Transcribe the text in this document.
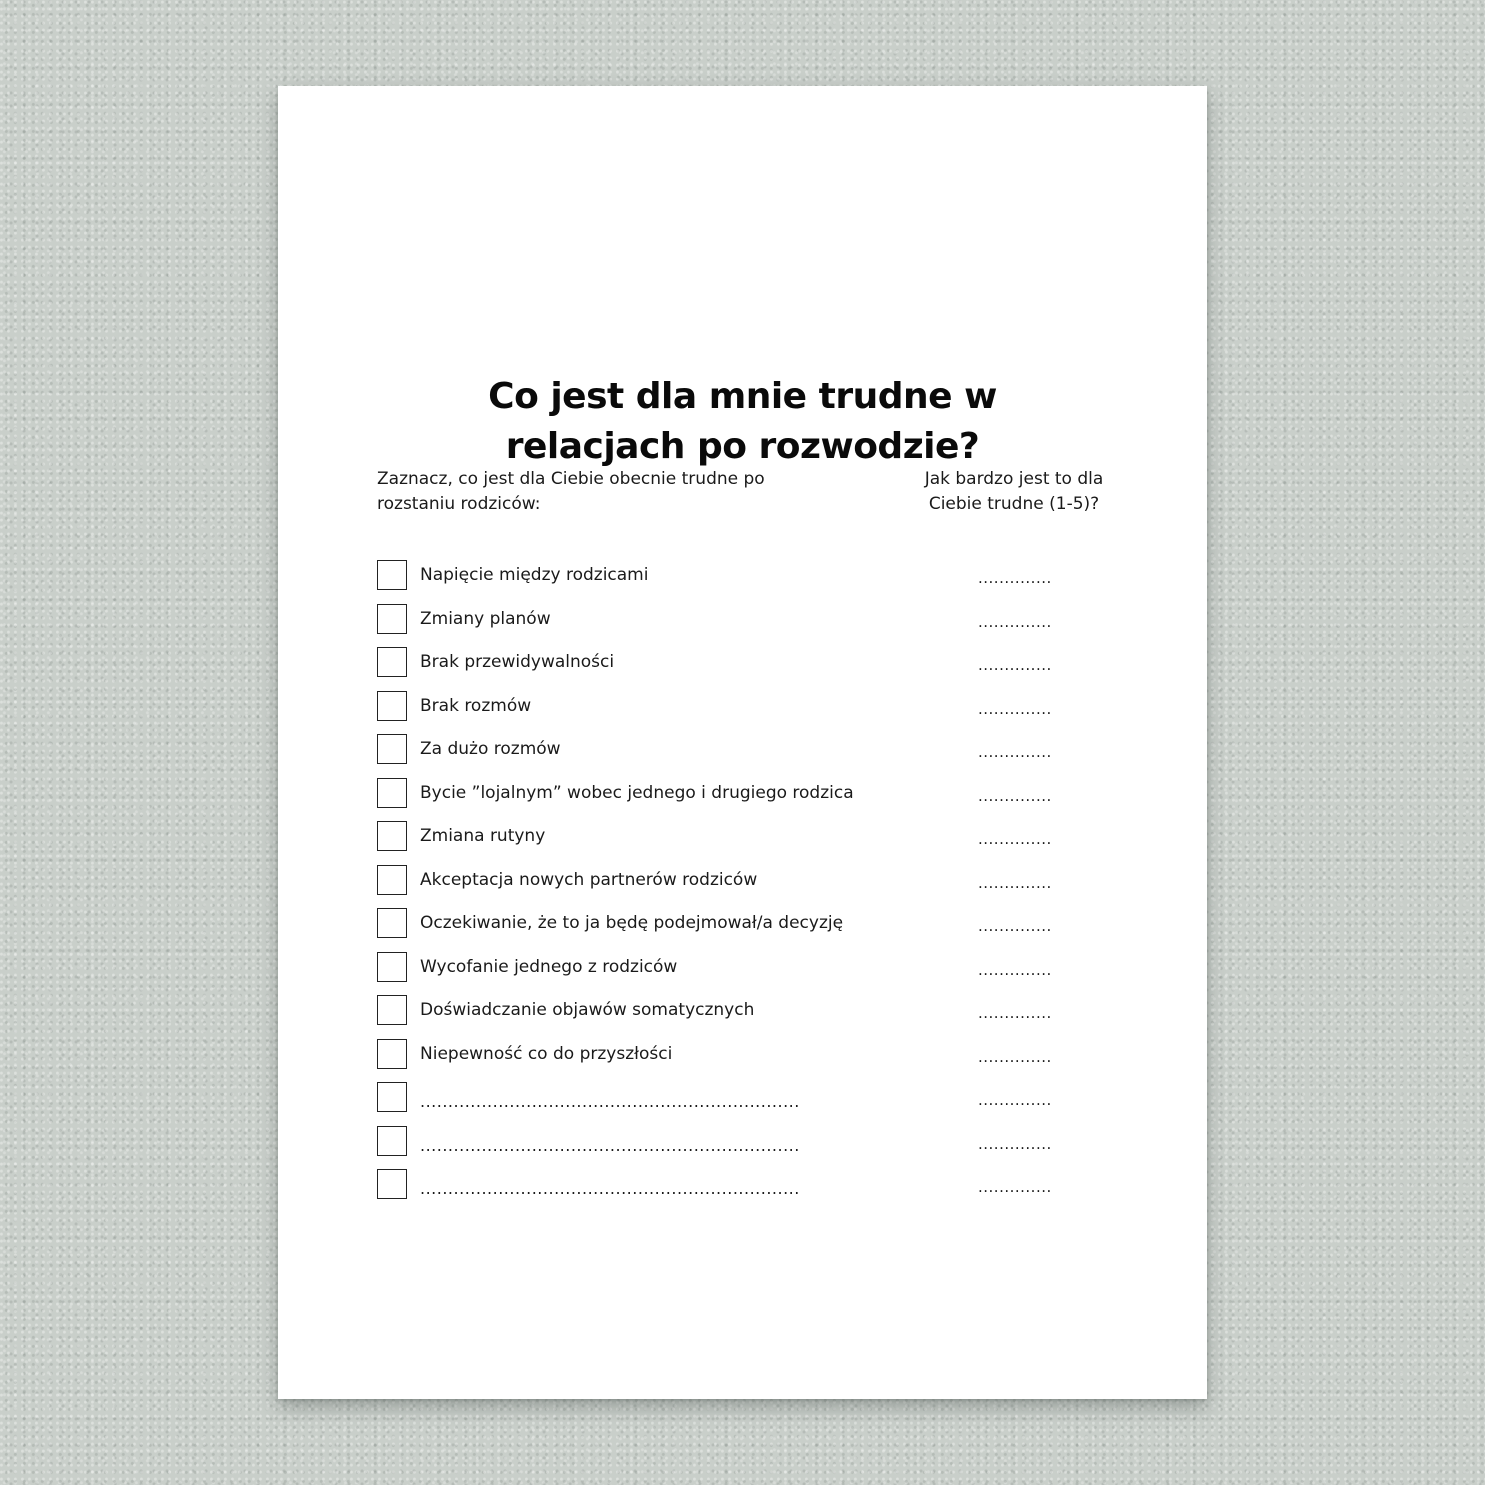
Co jest dla mnie trudne w
relacjach po rozwodzie?
Zaznacz, co jest dla Ciebie obecnie trudne po
rozstaniu rodziców:
Jak bardzo jest to dla
Ciebie trudne (1-5)?
Napięcie między rodzicami	..............
Zmiany planów	..............
Brak przewidywalności	..............
Brak rozmów	..............
Za dużo rozmów	..............
Bycie ”lojalnym” wobec jednego i drugiego rodzica	..............
Zmiana rutyny	..............
Akceptacja nowych partnerów rodziców	..............
Oczekiwanie, że to ja będę podejmował/a decyzję	..............
Wycofanie jednego z rodziców	..............
Doświadczanie objawów somatycznych	..............
Niepewność co do przyszłości	..............
....................................................................	..............
....................................................................	..............
....................................................................	..............
